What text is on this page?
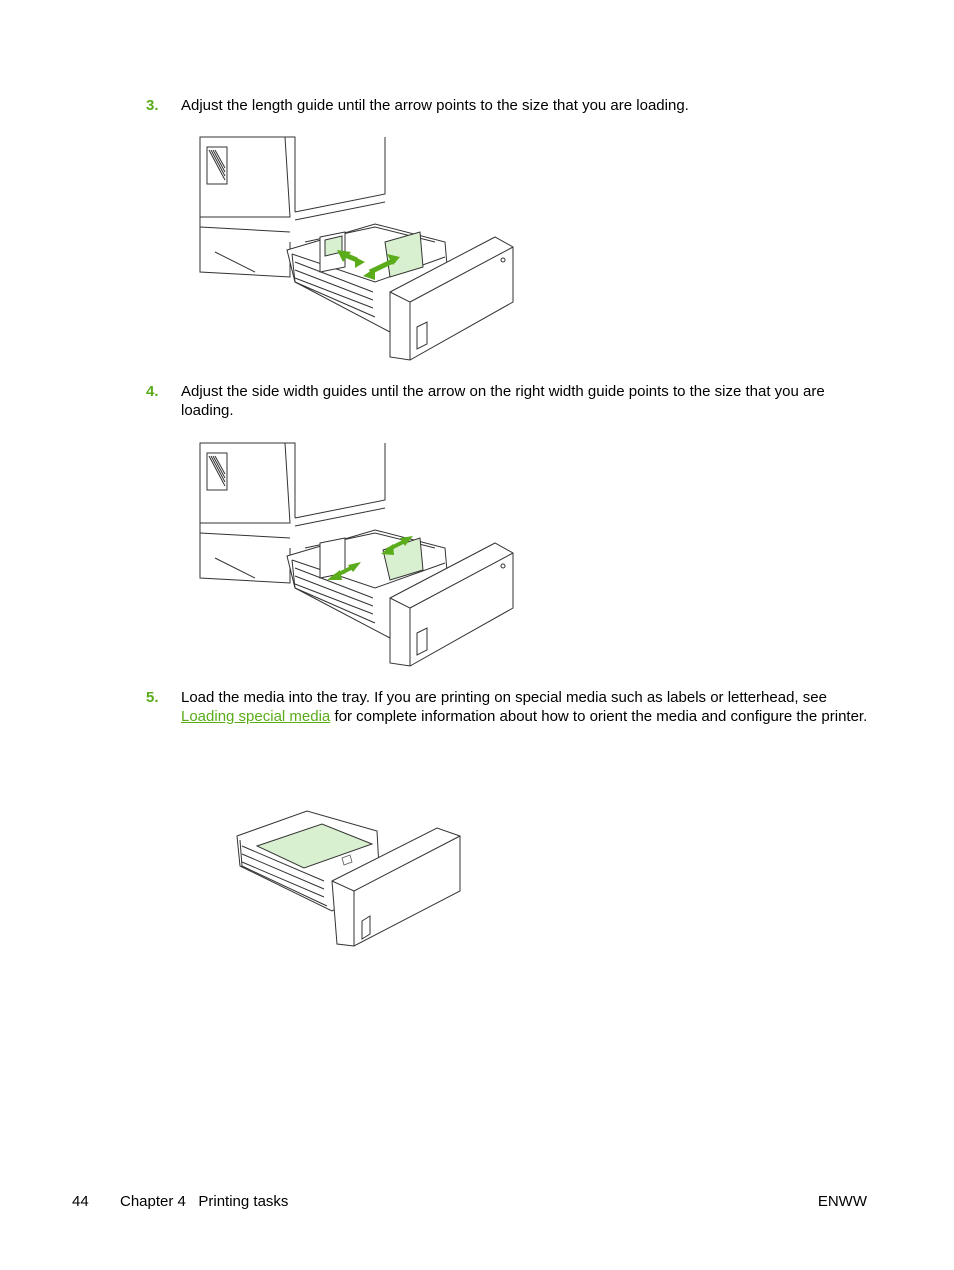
3. Adjust the length guide until the arrow points to the size that you are loading.
4. Adjust the side width guides until the arrow on the right width guide points to the size that you are loading.
5. Load the media into the tray. If you are printing on special media such as labels or letterhead, see Loading special media for complete information about how to orient the media and configure the printer.
44 Chapter 4   Printing tasks	ENWW
